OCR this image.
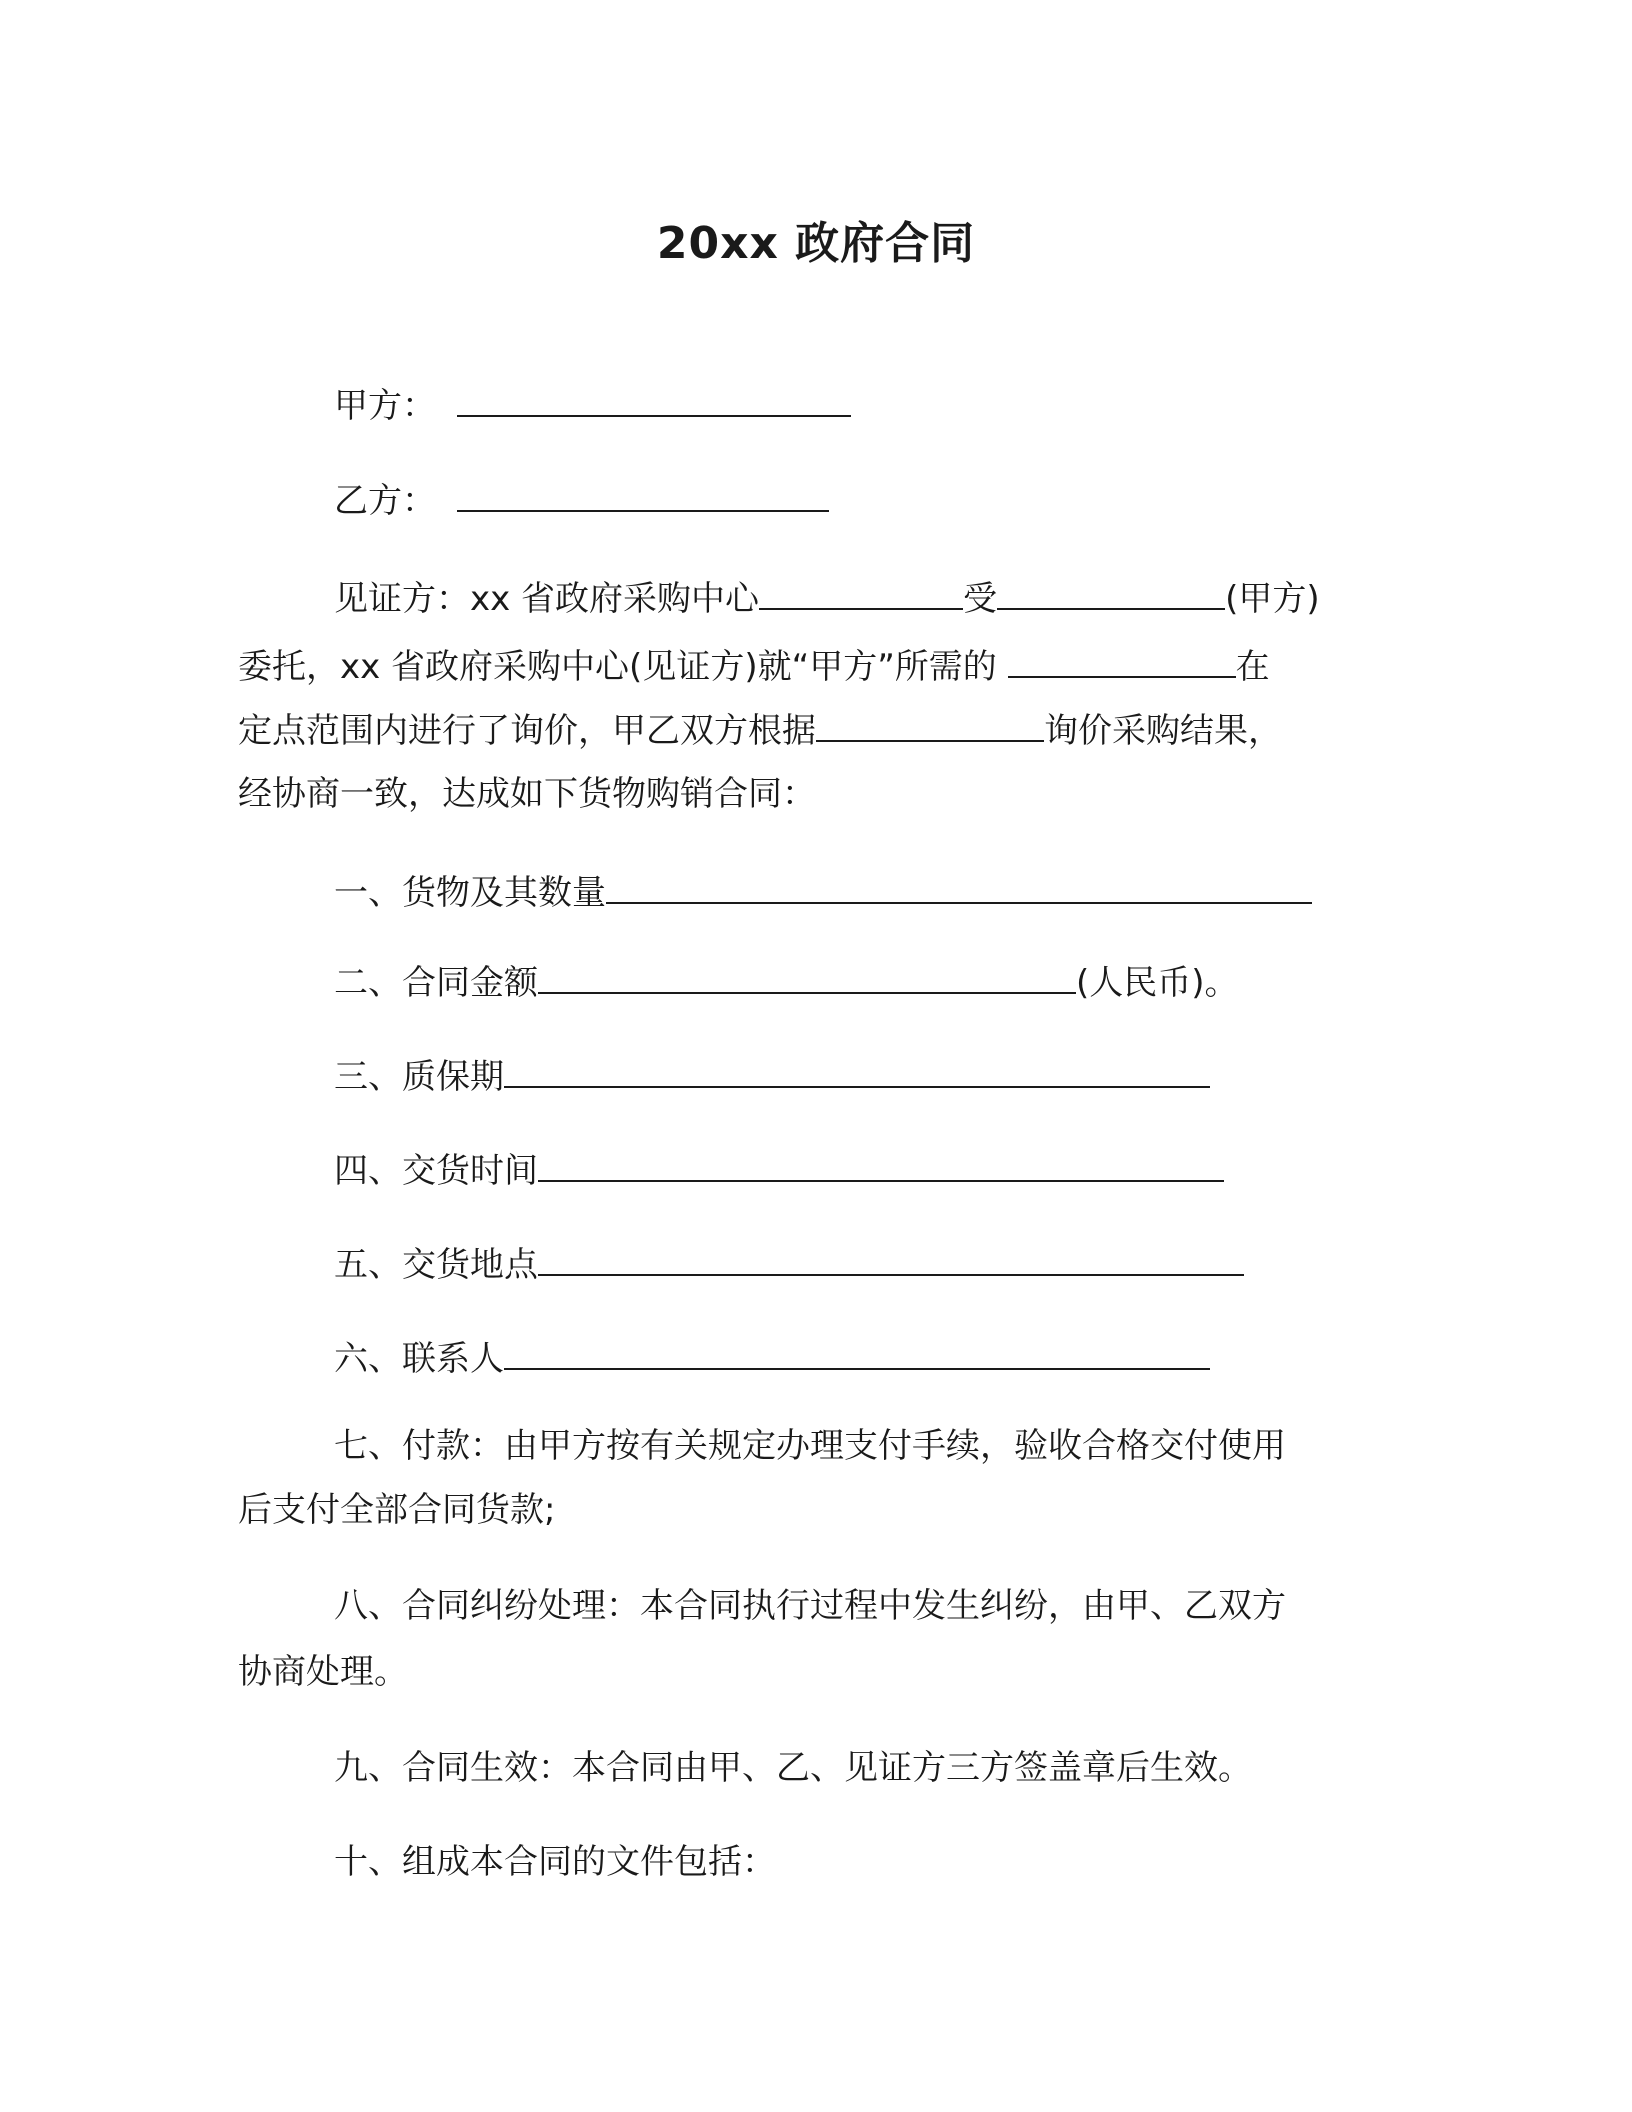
20xx 政府合同
甲方：
乙方：
见证方：xx 省政府采购中心	受	(甲方)
委托，xx 省政府采购中心(见证方)就“甲方”所需的	在
定点范围内进行了询价，甲乙双方根据	询价采购结果，
经协商一致，达成如下货物购销合同：
一、货物及其数量
二、合同金额	(人民币)。
三、质保期
四、交货时间
五、交货地点
六、联系人
七、付款：由甲方按有关规定办理支付手续，验收合格交付使用
后支付全部合同货款;
八、合同纠纷处理：本合同执行过程中发生纠纷，由甲、乙双方
协商处理。
九、合同生效：本合同由甲、乙、见证方三方签盖章后生效。
十、组成本合同的文件包括：
